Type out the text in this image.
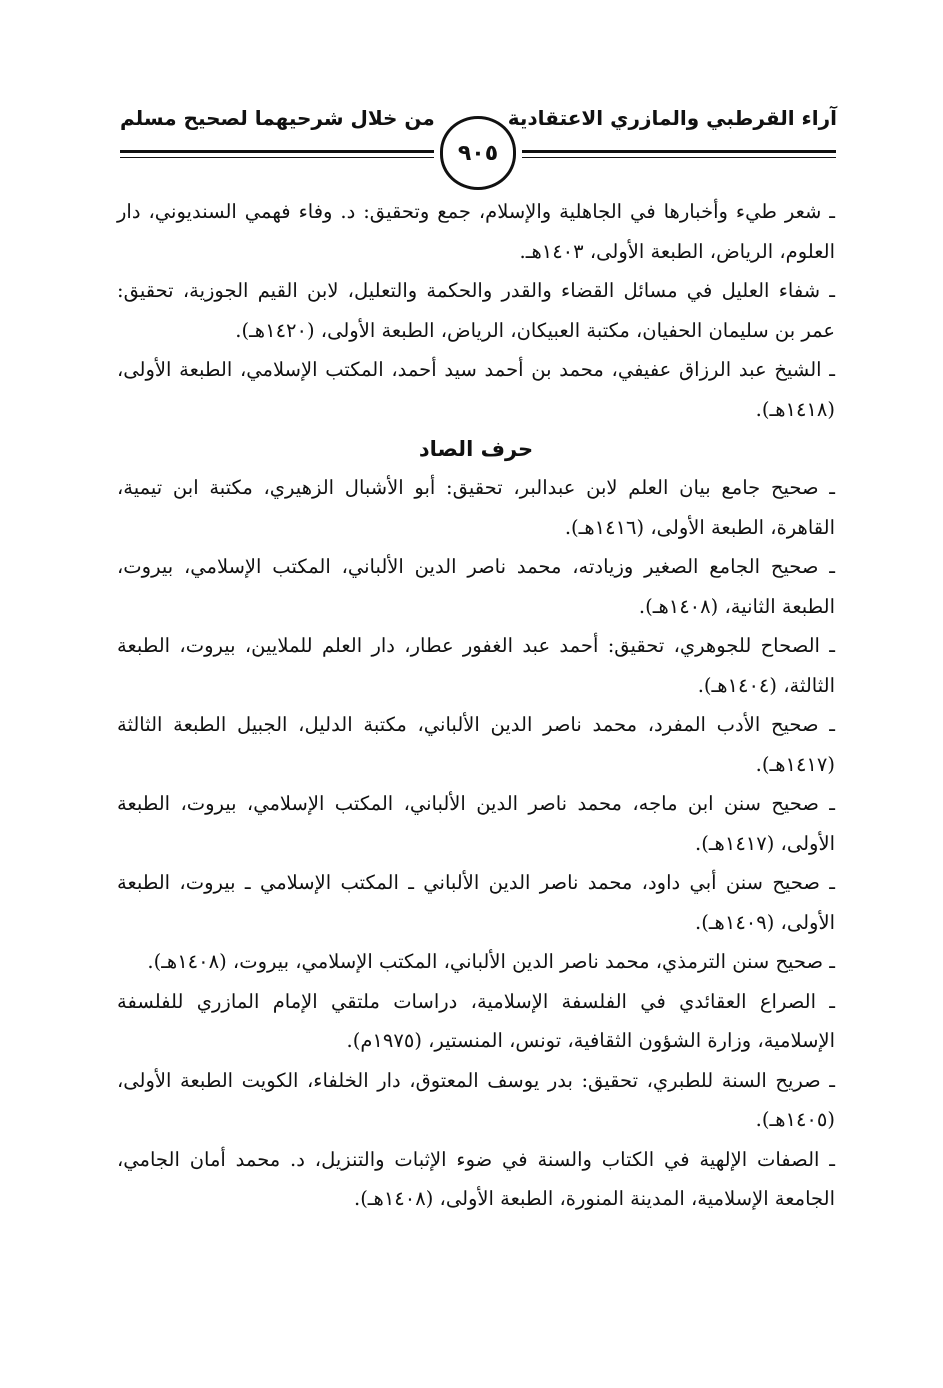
آراء القرطبي والمازري الاعتقادية
من خلال شرحيهما لصحيح مسلم
٩٠٥

ـ شعر طيء وأخبارها في الجاهلية والإسلام، جمع وتحقيق: د. وفاء فهمي السنديوني، دار العلوم، الرياض، الطبعة الأولى، ١٤٠٣هـ.

ـ شفاء العليل في مسائل القضاء والقدر والحكمة والتعليل، لابن القيم الجوزية، تحقيق: عمر بن سليمان الحفيان، مكتبة العبيكان، الرياض، الطبعة الأولى، (١٤٢٠هـ).

ـ الشيخ عبد الرزاق عفيفي، محمد بن أحمد سيد أحمد، المكتب الإسلامي، الطبعة الأولى، (١٤١٨هـ).

حرف الصاد

ـ صحيح جامع بيان العلم لابن عبدالبر، تحقيق: أبو الأشبال الزهيري، مكتبة ابن تيمية، القاهرة، الطبعة الأولى، (١٤١٦هـ).

ـ صحيح الجامع الصغير وزيادته، محمد ناصر الدين الألباني، المكتب الإسلامي، بيروت، الطبعة الثانية، (١٤٠٨هـ).

ـ الصحاح للجوهري، تحقيق: أحمد عبد الغفور عطار، دار العلم للملايين، بيروت، الطبعة الثالثة، (١٤٠٤هـ).

ـ صحيح الأدب المفرد، محمد ناصر الدين الألباني، مكتبة الدليل، الجبيل الطبعة الثالثة (١٤١٧هـ).

ـ صحيح سنن ابن ماجه، محمد ناصر الدين الألباني، المكتب الإسلامي، بيروت، الطبعة الأولى، (١٤١٧هـ).

ـ صحيح سنن أبي داود، محمد ناصر الدين الألباني ـ المكتب الإسلامي ـ بيروت، الطبعة الأولى، (١٤٠٩هـ).

ـ صحيح سنن الترمذي، محمد ناصر الدين الألباني، المكتب الإسلامي، بيروت، (١٤٠٨هـ).

ـ الصراع العقائدي في الفلسفة الإسلامية، دراسات ملتقي الإمام المازري للفلسفة الإسلامية، وزارة الشؤون الثقافية، تونس، المنستير، (١٩٧٥م).

ـ صريح السنة للطبري، تحقيق: بدر يوسف المعتوق، دار الخلفاء، الكويت الطبعة الأولى، (١٤٠٥هـ).

ـ الصفات الإلهية في الكتاب والسنة في ضوء الإثبات والتنزيل، د. محمد أمان الجامي، الجامعة الإسلامية، المدينة المنورة، الطبعة الأولى، (١٤٠٨هـ).
